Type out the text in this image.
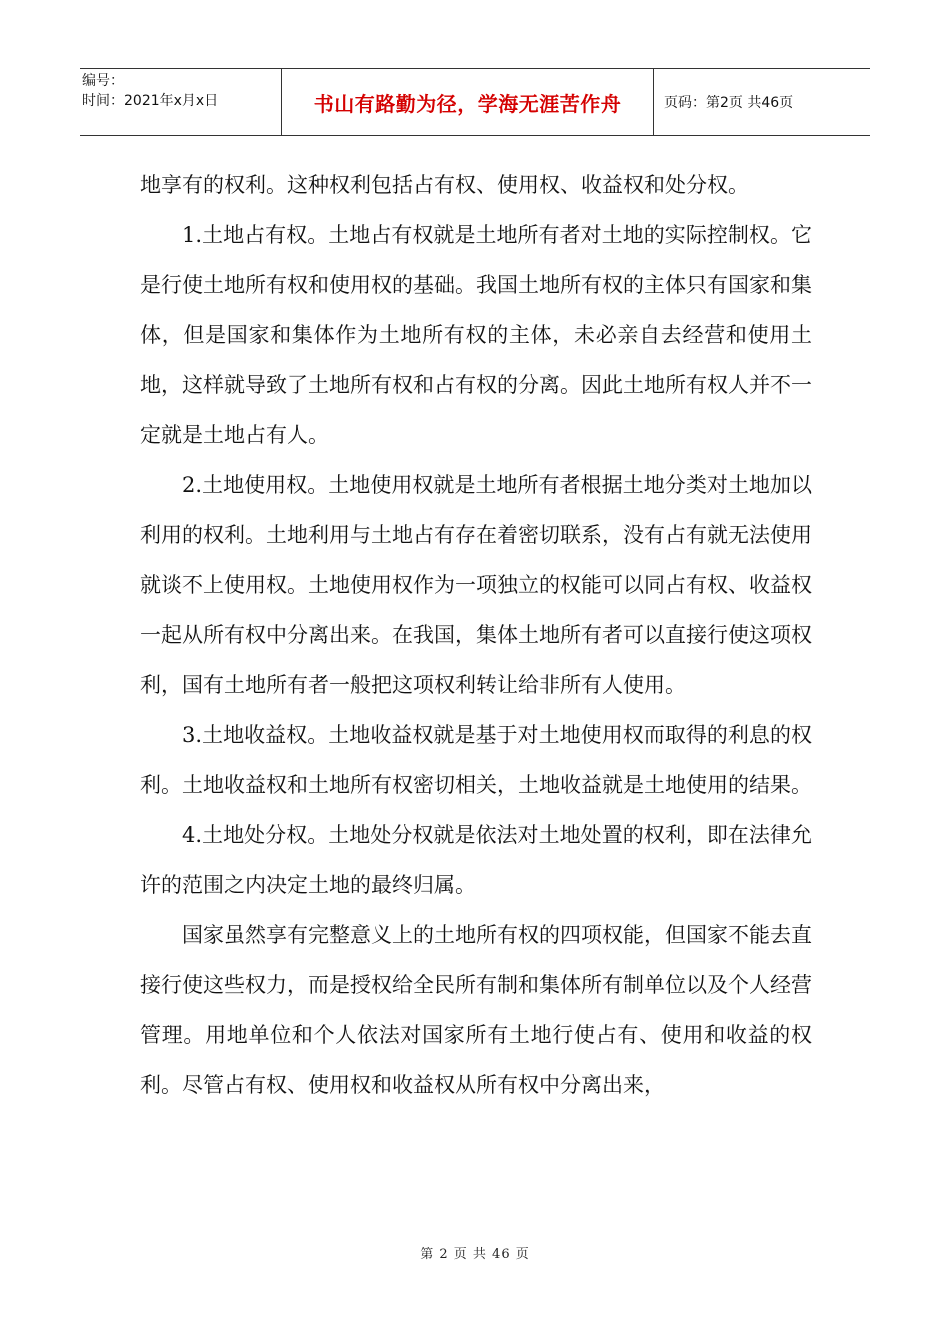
编号：
时间：2021年x月x日	书山有路勤为径，学海无涯苦作舟	页码：第2页 共46页

地享有的权利。这种权利包括占有权、使用权、收益权和处分权。

1.土地占有权。土地占有权就是土地所有者对土地的实际控制权。它是行使土地所有权和使用权的基础。我国土地所有权的主体只有国家和集体，但是国家和集体作为土地所有权的主体，未必亲自去经营和使用土地，这样就导致了土地所有权和占有权的分离。因此土地所有权人并不一定就是土地占有人。

2.土地使用权。土地使用权就是土地所有者根据土地分类对土地加以利用的权利。土地利用与土地占有存在着密切联系，没有占有就无法使用就谈不上使用权。土地使用权作为一项独立的权能可以同占有权、收益权一起从所有权中分离出来。在我国，集体土地所有者可以直接行使这项权利，国有土地所有者一般把这项权利转让给非所有人使用。

3.土地收益权。土地收益权就是基于对土地使用权而取得的利息的权利。土地收益权和土地所有权密切相关，土地收益就是土地使用的结果。

4.土地处分权。土地处分权就是依法对土地处置的权利，即在法律允许的范围之内决定土地的最终归属。

国家虽然享有完整意义上的土地所有权的四项权能，但国家不能去直接行使这些权力，而是授权给全民所有制和集体所有制单位以及个人经营管理。用地单位和个人依法对国家所有土地行使占有、使用和收益的权利。尽管占有权、使用权和收益权从所有权中分离出来，

第 2 页 共 46 页
